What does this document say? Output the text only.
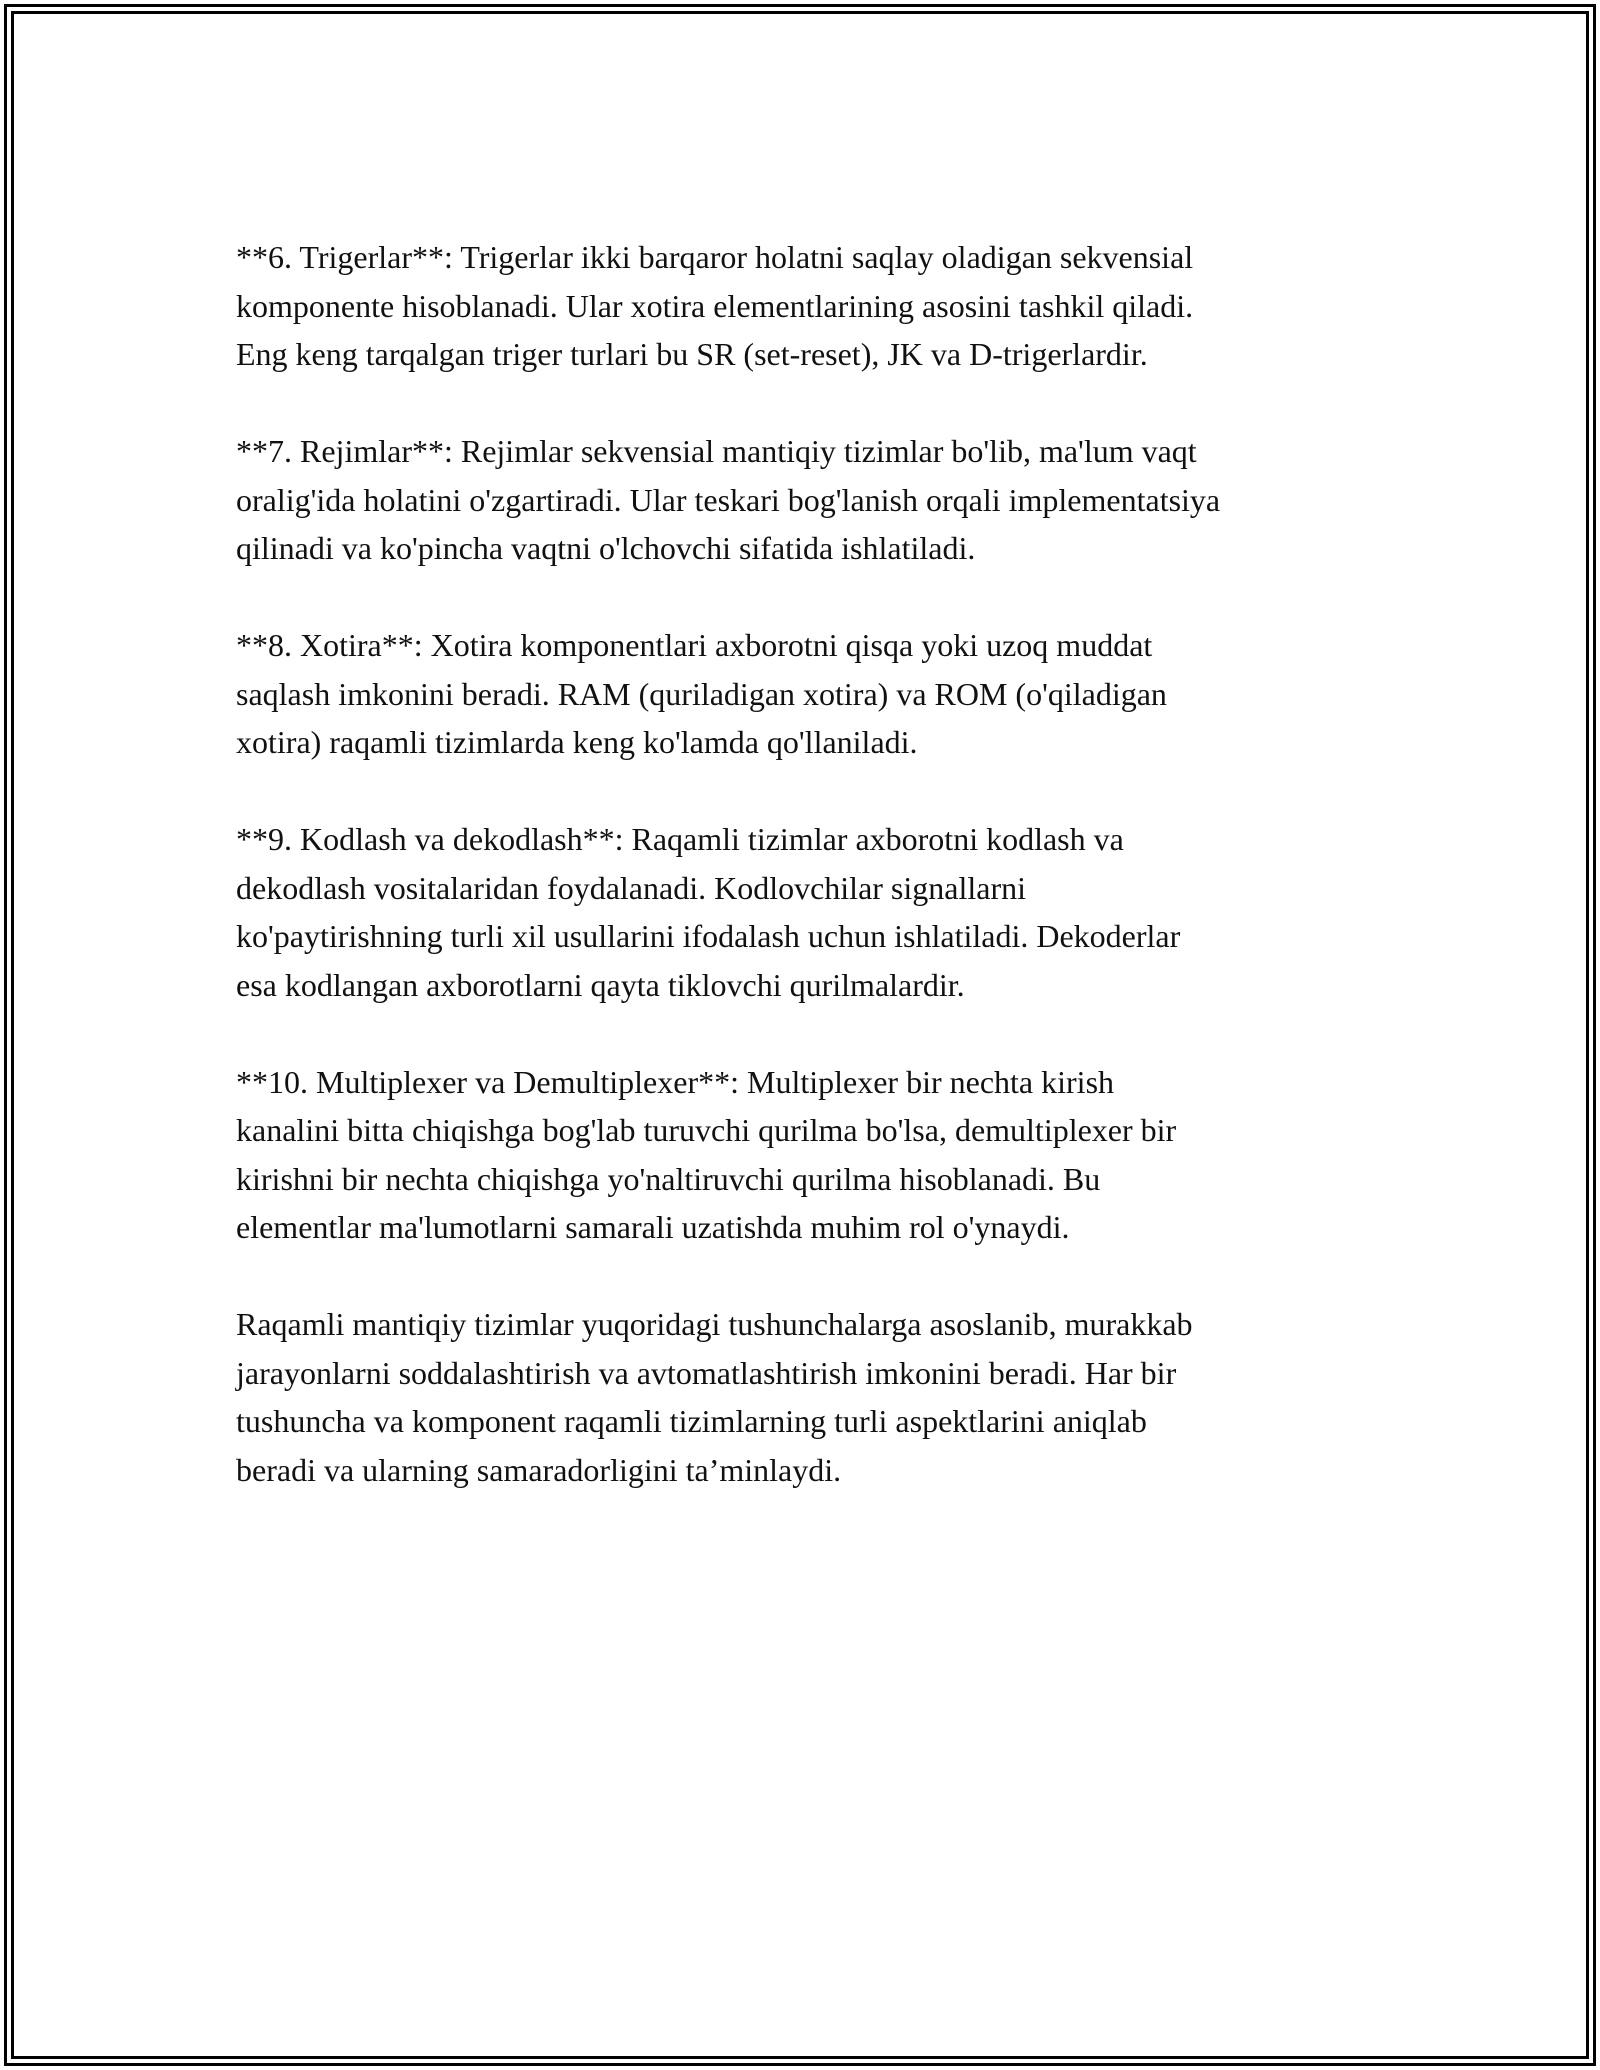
**6. Trigerlar**: Trigerlar ikki barqaror holatni saqlay oladigan sekvensial
komponente hisoblanadi. Ular xotira elementlarining asosini tashkil qiladi.
Eng keng tarqalgan triger turlari bu SR (set-reset), JK va D-trigerlardir.

**7. Rejimlar**: Rejimlar sekvensial mantiqiy tizimlar bo'lib, ma'lum vaqt
oralig'ida holatini o'zgartiradi. Ular teskari bog'lanish orqali implementatsiya
qilinadi va ko'pincha vaqtni o'lchovchi sifatida ishlatiladi.

**8. Xotira**: Xotira komponentlari axborotni qisqa yoki uzoq muddat
saqlash imkonini beradi. RAM (quriladigan xotira) va ROM (o'qiladigan
xotira) raqamli tizimlarda keng ko'lamda qo'llaniladi.

**9. Kodlash va dekodlash**: Raqamli tizimlar axborotni kodlash va
dekodlash vositalaridan foydalanadi. Kodlovchilar signallarni
ko'paytirishning turli xil usullarini ifodalash uchun ishlatiladi. Dekoderlar
esa kodlangan axborotlarni qayta tiklovchi qurilmalardir.

**10. Multiplexer va Demultiplexer**: Multiplexer bir nechta kirish
kanalini bitta chiqishga bog'lab turuvchi qurilma bo'lsa, demultiplexer bir
kirishni bir nechta chiqishga yo'naltiruvchi qurilma hisoblanadi. Bu
elementlar ma'lumotlarni samarali uzatishda muhim rol o'ynaydi.

Raqamli mantiqiy tizimlar yuqoridagi tushunchalarga asoslanib, murakkab
jarayonlarni soddalashtirish va avtomatlashtirish imkonini beradi. Har bir
tushuncha va komponent raqamli tizimlarning turli aspektlarini aniqlab
beradi va ularning samaradorligini ta’minlaydi.
